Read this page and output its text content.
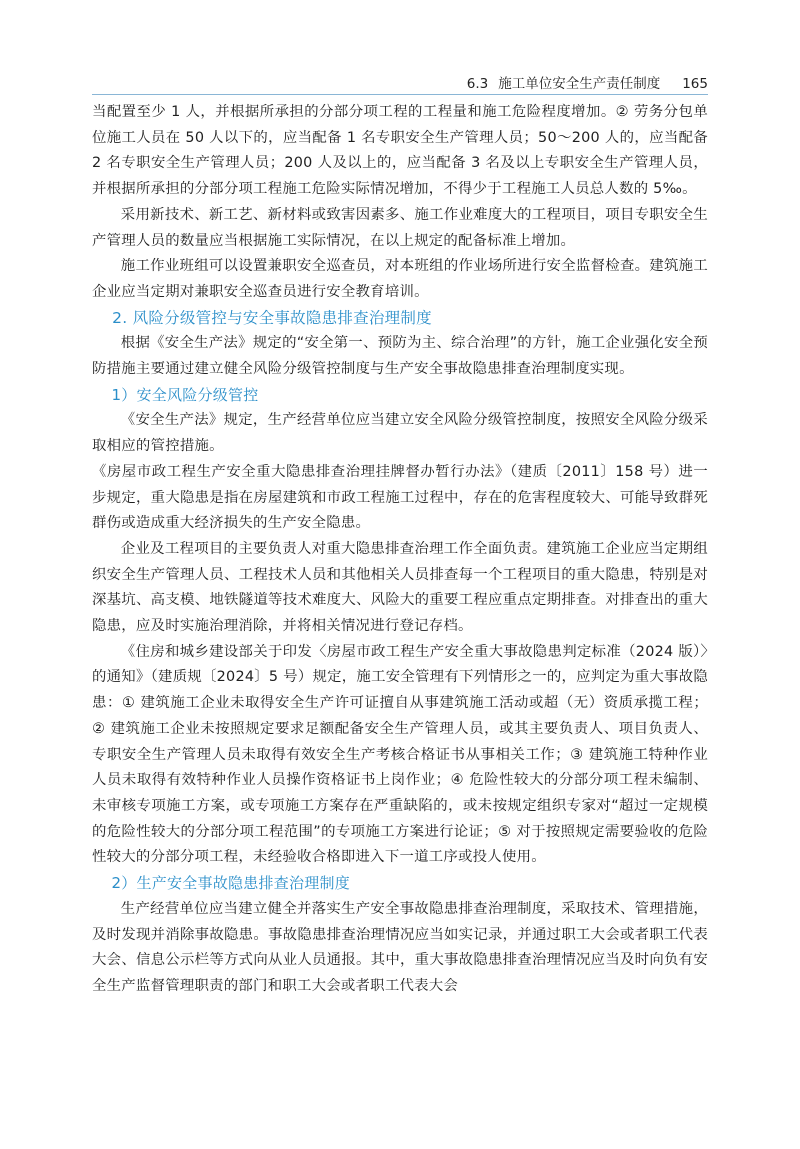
6.3 施工单位安全生产责任制度 165

当配置至少 1 人，并根据所承担的分部分项工程的工程量和施工危险程度增加。② 劳务分包单位施工人员在 50 人以下的，应当配备 1 名专职安全生产管理人员；50～200 人的，应当配备 2 名专职安全生产管理人员；200 人及以上的，应当配备 3 名及以上专职安全生产管理人员，并根据所承担的分部分项工程施工危险实际情况增加，不得少于工程施工人员总人数的 5‰。

采用新技术、新工艺、新材料或致害因素多、施工作业难度大的工程项目，项目专职安全生产管理人员的数量应当根据施工实际情况，在以上规定的配备标准上增加。

施工作业班组可以设置兼职安全巡查员，对本班组的作业场所进行安全监督检查。建筑施工企业应当定期对兼职安全巡查员进行安全教育培训。

2. 风险分级管控与安全事故隐患排查治理制度

根据《安全生产法》规定的“安全第一、预防为主、综合治理”的方针，施工企业强化安全预防措施主要通过建立健全风险分级管控制度与生产安全事故隐患排查治理制度实现。

1）安全风险分级管控

《安全生产法》规定，生产经营单位应当建立安全风险分级管控制度，按照安全风险分级采取相应的管控措施。

《房屋市政工程生产安全重大隐患排查治理挂牌督办暂行办法》（建质〔2011〕158 号）进一步规定，重大隐患是指在房屋建筑和市政工程施工过程中，存在的危害程度较大、可能导致群死群伤或造成重大经济损失的生产安全隐患。

企业及工程项目的主要负责人对重大隐患排查治理工作全面负责。建筑施工企业应当定期组织安全生产管理人员、工程技术人员和其他相关人员排查每一个工程项目的重大隐患，特别是对深基坑、高支模、地铁隧道等技术难度大、风险大的重要工程应重点定期排查。对排查出的重大隐患，应及时实施治理消除，并将相关情况进行登记存档。

《住房和城乡建设部关于印发〈房屋市政工程生产安全重大事故隐患判定标准（2024 版）〉的通知》（建质规〔2024〕5 号）规定，施工安全管理有下列情形之一的，应判定为重大事故隐患：① 建筑施工企业未取得安全生产许可证擅自从事建筑施工活动或超（无）资质承揽工程；② 建筑施工企业未按照规定要求足额配备安全生产管理人员，或其主要负责人、项目负责人、专职安全生产管理人员未取得有效安全生产考核合格证书从事相关工作；③ 建筑施工特种作业人员未取得有效特种作业人员操作资格证书上岗作业；④ 危险性较大的分部分项工程未编制、未审核专项施工方案，或专项施工方案存在严重缺陷的，或未按规定组织专家对“超过一定规模的危险性较大的分部分项工程范围”的专项施工方案进行论证；⑤ 对于按照规定需要验收的危险性较大的分部分项工程，未经验收合格即进入下一道工序或投人使用。

2）生产安全事故隐患排查治理制度

生产经营单位应当建立健全并落实生产安全事故隐患排查治理制度，采取技术、管理措施，及时发现并消除事故隐患。事故隐患排查治理情况应当如实记录，并通过职工大会或者职工代表大会、信息公示栏等方式向从业人员通报。其中，重大事故隐患排查治理情况应当及时向负有安全生产监督管理职责的部门和职工大会或者职工代表大会
